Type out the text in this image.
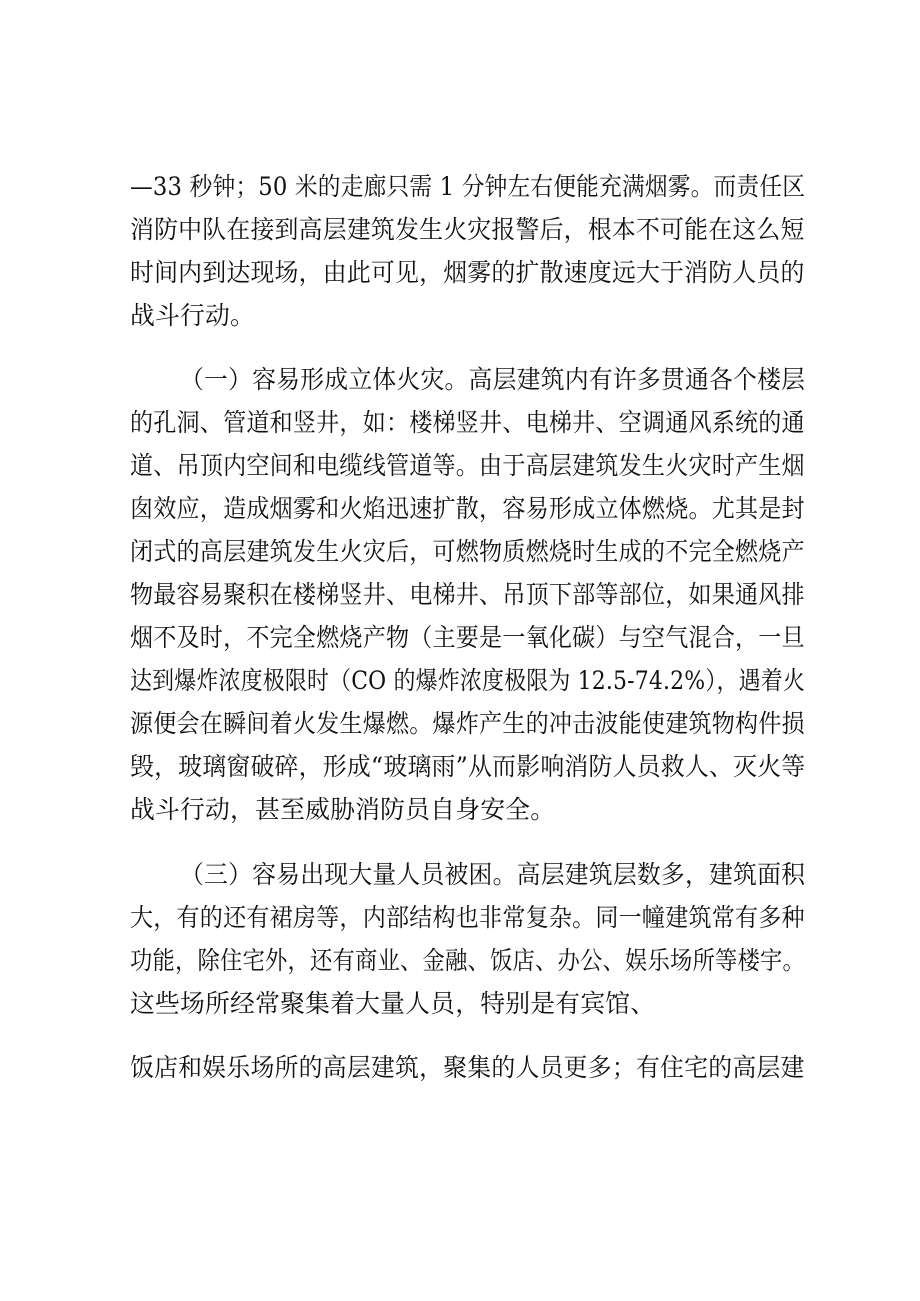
—33 秒钟；50 米的走廊只需 1 分钟左右便能充满烟雾。而责任区
消防中队在接到高层建筑发生火灾报警后，根本不可能在这么短
时间内到达现场，由此可见，烟雾的扩散速度远大于消防人员的
战斗行动。
（一）容易形成立体火灾。高层建筑内有许多贯通各个楼层
的孔洞、管道和竖井，如：楼梯竖井、电梯井、空调通风系统的通
道、吊顶内空间和电缆线管道等。由于高层建筑发生火灾时产生烟
囱效应，造成烟雾和火焰迅速扩散，容易形成立体燃烧。尤其是封
闭式的高层建筑发生火灾后，可燃物质燃烧时生成的不完全燃烧产
物最容易聚积在楼梯竖井、电梯井、吊顶下部等部位，如果通风排
烟不及时，不完全燃烧产物（主要是一氧化碳）与空气混合，一旦
达到爆炸浓度极限时（CO 的爆炸浓度极限为 12.5-74.2%），遇着火
源便会在瞬间着火发生爆燃。爆炸产生的冲击波能使建筑物构件损
毁，玻璃窗破碎，形成“玻璃雨”从而影响消防人员救人、灭火等
战斗行动，甚至威胁消防员自身安全。
（三）容易出现大量人员被困。高层建筑层数多，建筑面积
大，有的还有裙房等，内部结构也非常复杂。同一幢建筑常有多种
功能，除住宅外，还有商业、金融、饭店、办公、娱乐场所等楼宇。
这些场所经常聚集着大量人员，特别是有宾馆、
饭店和娱乐场所的高层建筑，聚集的人员更多；有住宅的高层建
